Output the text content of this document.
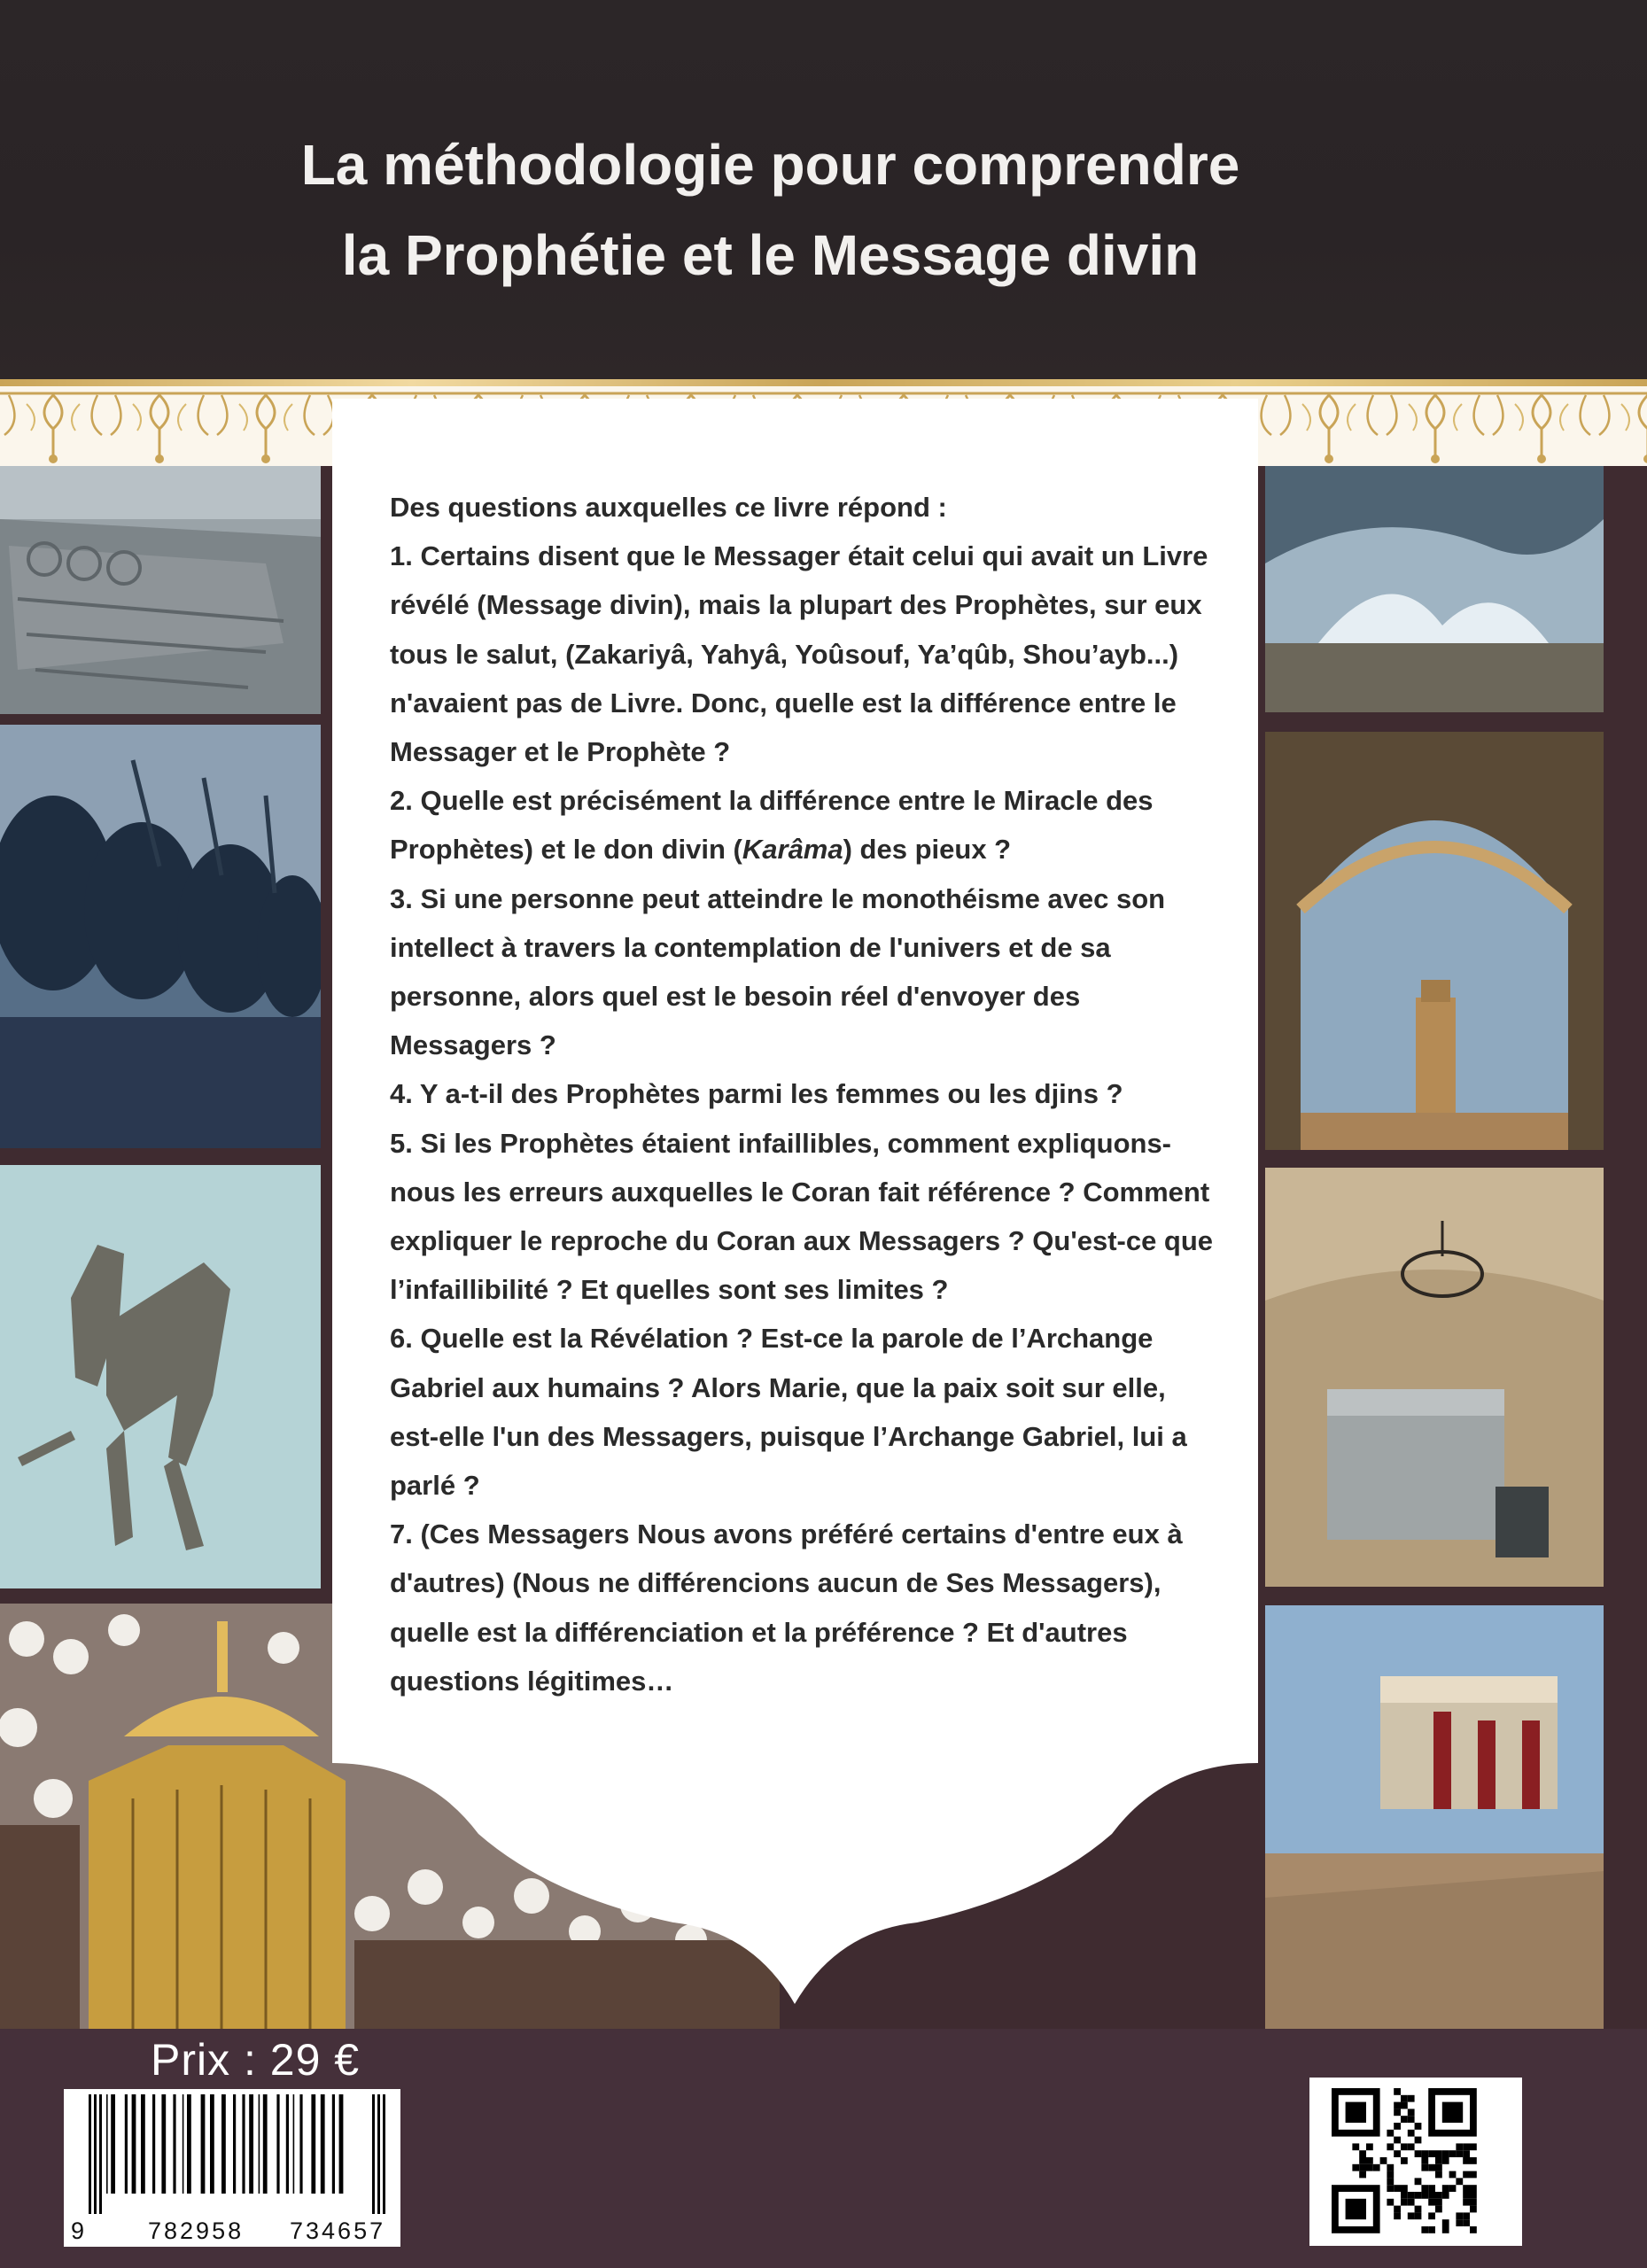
La méthodologie pour comprendre
la Prophétie et le Message divin

Des questions auxquelles ce livre répond :

1. Certains disent que le Messager était celui qui avait un Livre révélé (Message divin), mais la plupart des Prophètes, sur eux tous le salut, (Zakariyâ, Yahyâ, Yoûsouf, Ya’qûb, Shou’ayb...) n'avaient pas de Livre. Donc, quelle est la différence entre le Messager et le Prophète ?

2. Quelle est précisément la différence entre le Miracle des Prophètes) et le don divin (Karâma) des pieux ?

3. Si une personne peut atteindre le monothéisme avec son intellect à travers la contemplation de l'univers et de sa personne, alors quel est le besoin réel d'envoyer des Messagers ?

4. Y a-t-il des Prophètes parmi les femmes ou les djins ?

5. Si les Prophètes étaient infaillibles, comment expliquons-nous les erreurs auxquelles le Coran fait référence ? Comment expliquer le reproche du Coran aux Messagers ? Qu'est-ce que l’infaillibilité ? Et quelles sont ses limites ?

6. Quelle est la Révélation ? Est-ce la parole de l’Archange Gabriel aux humains ? Alors Marie, que la paix soit sur elle, est-elle l'un des Messagers, puisque l’Archange Gabriel, lui a parlé ?

7. (Ces Messagers Nous avons préféré certains d'entre eux à d'autres) (Nous ne différencions aucun de Ses Messagers), quelle est la différenciation et la préférence ? Et d'autres questions légitimes…

Prix : 29 €
9	782958 734657
